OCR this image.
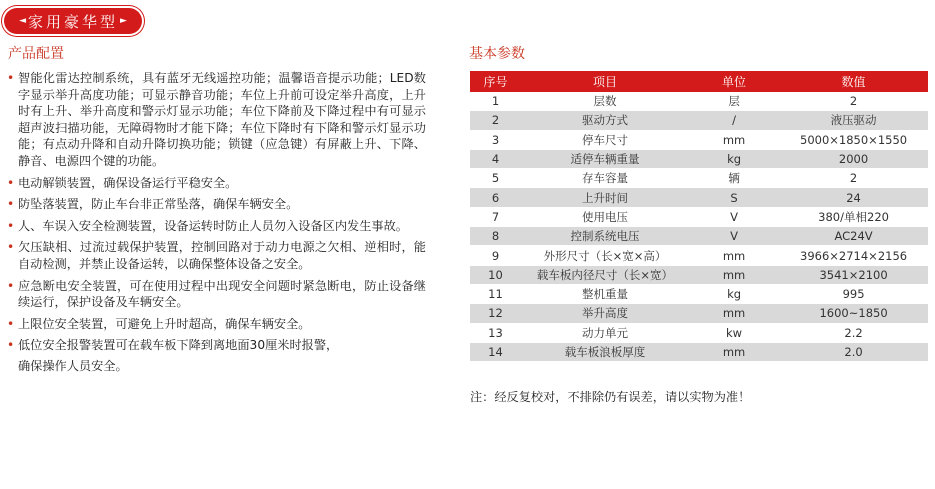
◄ 家用豪华型 ►
产品配置
• 智能化雷达控制系统，具有蓝牙无线遥控功能；温馨语音提示功能；LED数字显示举升高度功能；可显示静音功能；车位上升前可设定举升高度，上升时有上升、举升高度和警示灯显示功能；车位下降前及下降过程中有可显示超声波扫描功能，无障碍物时才能下降；车位下降时有下降和警示灯显示功能；有点动升降和自动升降切换功能；锁键（应急键）有屏蔽上升、下降、静音、电源四个键的功能。
• 电动解锁装置，确保设备运行平稳安全。
• 防坠落装置，防止车台非正常坠落，确保车辆安全。
• 人、车误入安全检测装置，设备运转时防止人员勿入设备区内发生事故。
• 欠压缺相、过流过载保护装置，控制回路对于动力电源之欠相、逆相时，能自动检测，并禁止设备运转，以确保整体设备之安全。
• 应急断电安全装置，可在使用过程中出现安全问题时紧急断电，防止设备继续运行，保护设备及车辆安全。
• 上限位安全装置，可避免上升时超高，确保车辆安全。
• 低位安全报警装置可在载车板下降到离地面30厘米时报警，
确保操作人员安全。
基本参数
序号	项目	单位	数值
1	层数	层	2
2	驱动方式	/	液压驱动
3	停车尺寸	mm	5000×1850×1550
4	适停车辆重量	kg	2000
5	存车容量	辆	2
6	上升时间	S	24
7	使用电压	V	380/单相220
8	控制系统电压	V	AC24V
9	外形尺寸（长×宽×高）	mm	3966×2714×2156
10	载车板内径尺寸（长×宽）	mm	3541×2100
11	整机重量	kg	995
12	举升高度	mm	1600~1850
13	动力单元	kw	2.2
14	载车板浪板厚度	mm	2.0
注：经反复校对，不排除仍有误差，请以实物为准！
